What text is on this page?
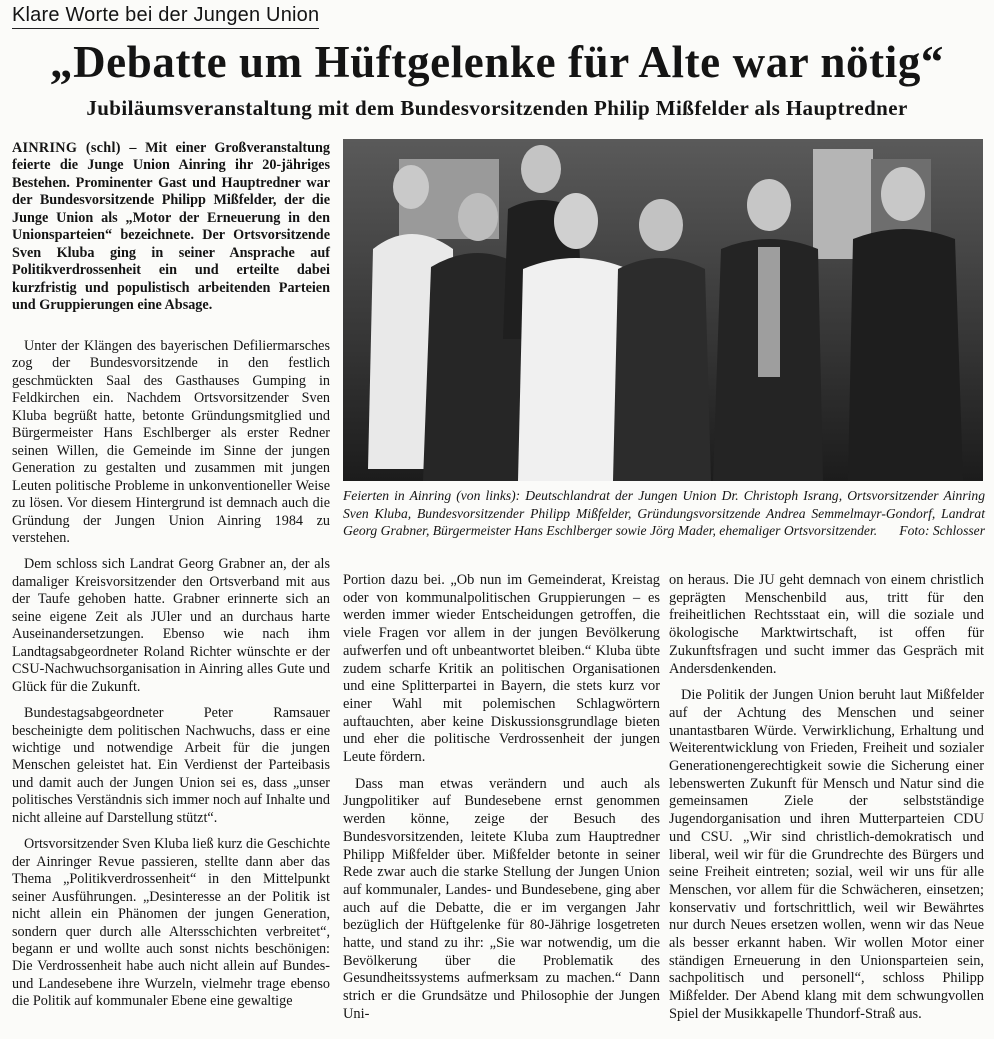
Klare Worte bei der Jungen Union
„Debatte um Hüftgelenke für Alte war nötig“
Jubiläumsveranstaltung mit dem Bundesvorsitzenden Philip Mißfelder als Hauptredner

AINRING (schl) – Mit einer Großveranstaltung feierte die Junge Union Ainring ihr 20-jähriges Bestehen. Prominenter Gast und Hauptredner war der Bundesvorsitzende Philipp Mißfelder, der die Junge Union als „Motor der Erneuerung in den Unionsparteien“ bezeichnete. Der Ortsvorsitzende Sven Kluba ging in seiner Ansprache auf Politikverdrossenheit ein und erteilte dabei kurzfristig und populistisch arbeitenden Parteien und Gruppierungen eine Absage.

Feierten in Ainring (von links): Deutschlandrat der Jungen Union Dr. Christoph Israng, Ortsvorsitzender Ainring Sven Kluba, Bundesvorsitzender Philipp Mißfelder, Gründungsvorsitzende Andrea Semmelmayr-Gondorf, Landrat Georg Grabner, Bürgermeister Hans Eschlberger sowie Jörg Mader, ehemaliger Ortsvorsitzender. Foto: Schlosser

Unter der Klängen des bayerischen Defiliermarsches zog der Bundesvorsitzende in den festlich geschmückten Saal des Gasthauses Gumping in Feldkirchen ein. Nachdem Ortsvorsitzender Sven Kluba begrüßt hatte, betonte Gründungsmitglied und Bürgermeister Hans Eschlberger als erster Redner seinen Willen, die Gemeinde im Sinne der jungen Generation zu gestalten und zusammen mit jungen Leuten politische Probleme in unkonventioneller Weise zu lösen. Vor diesem Hintergrund ist demnach auch die Gründung der Jungen Union Ainring 1984 zu verstehen.

Dem schloss sich Landrat Georg Grabner an, der als damaliger Kreisvorsitzender den Ortsverband mit aus der Taufe gehoben hatte. Grabner erinnerte sich an seine eigene Zeit als JUler und an durchaus harte Auseinandersetzungen. Ebenso wie nach ihm Landtagsabgeordneter Roland Richter wünschte er der CSU-Nachwuchsorganisation in Ainring alles Gute und Glück für die Zukunft.

Bundestagsabgeordneter Peter Ramsauer bescheinigte dem politischen Nachwuchs, dass er eine wichtige und notwendige Arbeit für die jungen Menschen geleistet hat. Ein Verdienst der Parteibasis und damit auch der Jungen Union sei es, dass „unser politisches Verständnis sich immer noch auf Inhalte und nicht alleine auf Darstellung stützt“.

Ortsvorsitzender Sven Kluba ließ kurz die Geschichte der Ainringer Revue passieren, stellte dann aber das Thema „Politikverdrossenheit“ in den Mittelpunkt seiner Ausführungen. „Desinteresse an der Politik ist nicht allein ein Phänomen der jungen Generation, sondern quer durch alle Altersschichten verbreitet“, begann er und wollte auch sonst nichts beschönigen: Die Verdrossenheit habe auch nicht allein auf Bundes- und Landesebene ihre Wurzeln, vielmehr trage ebenso die Politik auf kommunaler Ebene eine gewaltige

Portion dazu bei. „Ob nun im Gemeinderat, Kreistag oder von kommunalpolitischen Gruppierungen – es werden immer wieder Entscheidungen getroffen, die viele Fragen vor allem in der jungen Bevölkerung aufwerfen und oft unbeantwortet bleiben.“ Kluba übte zudem scharfe Kritik an politischen Organisationen und eine Splitterpartei in Bayern, die stets kurz vor einer Wahl mit polemischen Schlagwörtern auftauchten, aber keine Diskussionsgrundlage bieten und eher die politische Verdrossenheit der jungen Leute fördern.

Dass man etwas verändern und auch als Jungpolitiker auf Bundesebene ernst genommen werden könne, zeige der Besuch des Bundesvorsitzenden, leitete Kluba zum Hauptredner Philipp Mißfelder über. Mißfelder betonte in seiner Rede zwar auch die starke Stellung der Jungen Union auf kommunaler, Landes- und Bundesebene, ging aber auch auf die Debatte, die er im vergangen Jahr bezüglich der Hüftgelenke für 80-Jährige losgetreten hatte, und stand zu ihr: „Sie war notwendig, um die Bevölkerung über die Problematik des Gesundheitssystems aufmerksam zu machen.“ Dann strich er die Grundsätze und Philosophie der Jungen Uni-

on heraus. Die JU geht demnach von einem christlich geprägten Menschenbild aus, tritt für den freiheitlichen Rechtsstaat ein, will die soziale und ökologische Marktwirtschaft, ist offen für Zukunftsfragen und sucht immer das Gespräch mit Andersdenkenden.

Die Politik der Jungen Union beruht laut Mißfelder auf der Achtung des Menschen und seiner unantastbaren Würde. Verwirklichung, Erhaltung und Weiterentwicklung von Frieden, Freiheit und sozialer Generationengerechtigkeit sowie die Sicherung einer lebenswerten Zukunft für Mensch und Natur sind die gemeinsamen Ziele der selbstständige Jugendorganisation und ihren Mutterparteien CDU und CSU. „Wir sind christlich-demokratisch und liberal, weil wir für die Grundrechte des Bürgers und seine Freiheit eintreten; sozial, weil wir uns für alle Menschen, vor allem für die Schwächeren, einsetzen; konservativ und fortschrittlich, weil wir Bewährtes nur durch Neues ersetzen wollen, wenn wir das Neue als besser erkannt haben. Wir wollen Motor einer ständigen Erneuerung in den Unionsparteien sein, sachpolitisch und personell“, schloss Philipp Mißfelder. Der Abend klang mit dem schwungvollen Spiel der Musikkapelle Thundorf-Straß aus.
